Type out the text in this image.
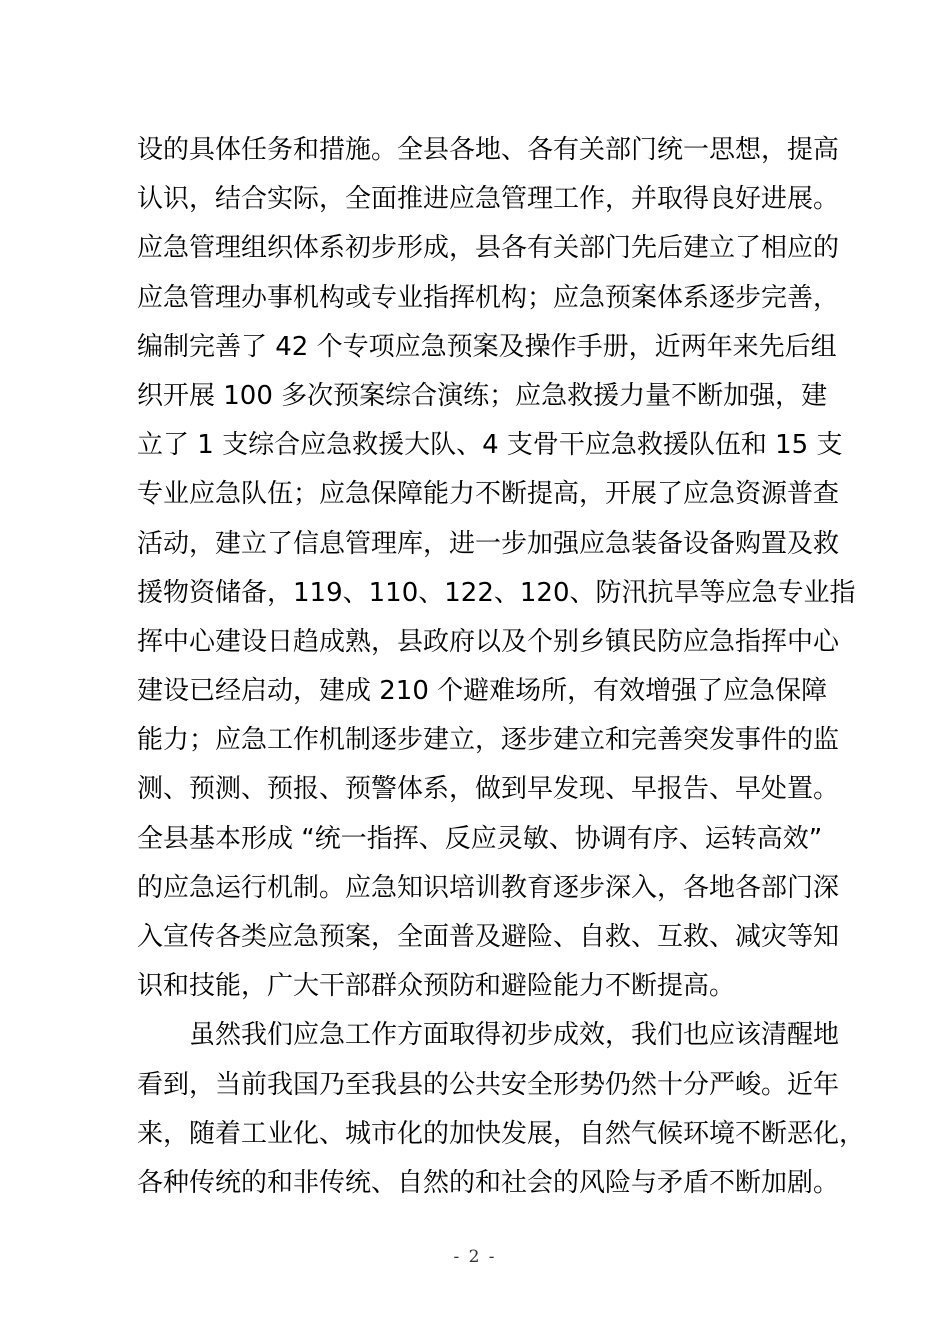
设的具体任务和措施。全县各地、各有关部门统一思想，提高
认识，结合实际，全面推进应急管理工作，并取得良好进展。
应急管理组织体系初步形成，县各有关部门先后建立了相应的
应急管理办事机构或专业指挥机构；应急预案体系逐步完善，
编制完善了 42 个专项应急预案及操作手册，近两年来先后组
织开展 100 多次预案综合演练；应急救援力量不断加强，建
立了 1 支综合应急救援大队、4 支骨干应急救援队伍和 15 支
专业应急队伍；应急保障能力不断提高，开展了应急资源普查
活动，建立了信息管理库，进一步加强应急装备设备购置及救
援物资储备，119、110、122、120、防汛抗旱等应急专业指
挥中心建设日趋成熟，县政府以及个别乡镇民防应急指挥中心
建设已经启动，建成 210 个避难场所，有效增强了应急保障
能力；应急工作机制逐步建立，逐步建立和完善突发事件的监
测、预测、预报、预警体系，做到早发现、早报告、早处置。
全县基本形成 “统一指挥、反应灵敏、协调有序、运转高效”
的应急运行机制。应急知识培训教育逐步深入，各地各部门深
入宣传各类应急预案，全面普及避险、自救、互救、减灾等知
识和技能，广大干部群众预防和避险能力不断提高。
虽然我们应急工作方面取得初步成效，我们也应该清醒地
看到，当前我国乃至我县的公共安全形势仍然十分严峻。近年
来，随着工业化、城市化的加快发展，自然气候环境不断恶化，
各种传统的和非传统、自然的和社会的风险与矛盾不断加剧。
- 2 -
